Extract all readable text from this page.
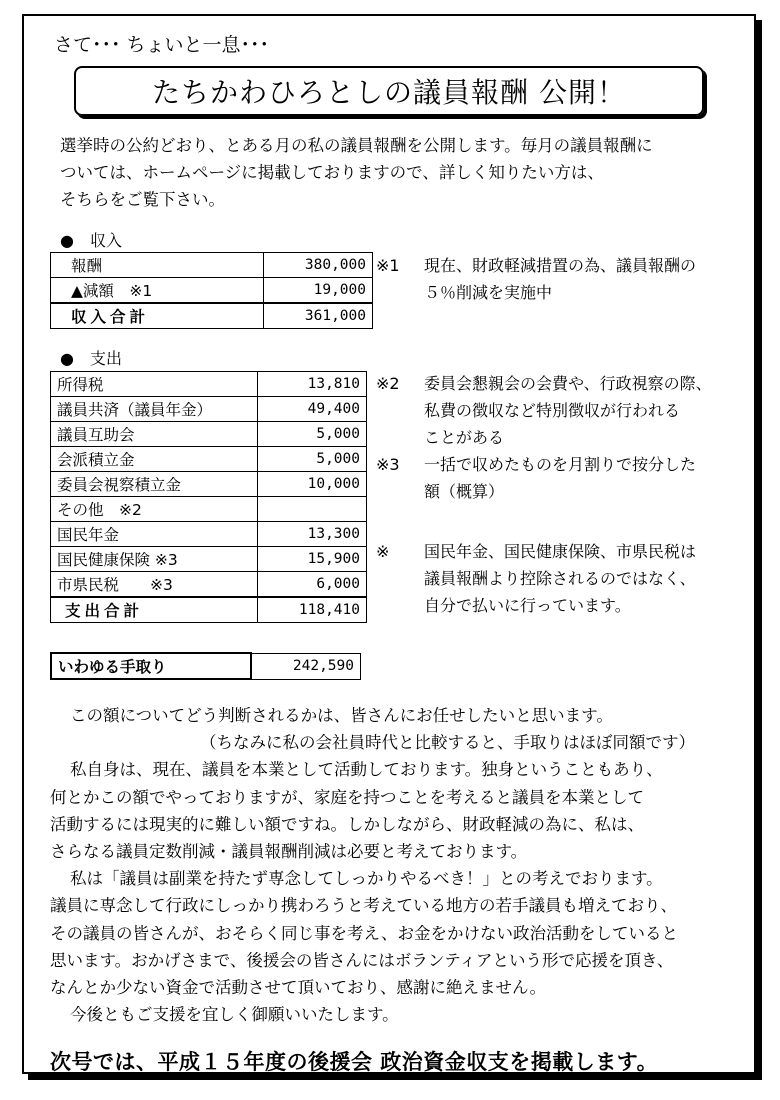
さて･･･ ちょいと一息･･･
たちかわひろとしの議員報酬 公開！
選挙時の公約どおり、とある月の私の議員報酬を公開します。毎月の議員報酬に
ついては、ホームページに掲載しておりますので、詳しく知りたい方は、
そちらをご覧下さい。
●　収入
報酬	380,000
▲減額　※1	19,000
収入合計	361,000
●　支出
所得税	13,810
議員共済（議員年金）	49,400
議員互助会	5,000
会派積立金	5,000
委員会視察積立金	10,000
その他　※2	
国民年金	13,300
国民健康保険 ※3	15,900
市県民税　　※3	6,000
支出合計	118,410
いわゆる手取り	242,590
※1 現在、財政軽減措置の為、議員報酬の
５％削減を実施中
※2 委員会懇親会の会費や、行政視察の際、
私費の徴収など特別徴収が行われる
ことがある
※3 一括で収めたものを月割りで按分した
額（概算）
※ 国民年金、国民健康保険、市県民税は
議員報酬より控除されるのではなく、
自分で払いに行っています。

この額についてどう判断されるかは、皆さんにお任せしたいと思います。

（ちなみに私の会社員時代と比較すると、手取りはほぼ同額です）

私自身は、現在、議員を本業として活動しております。独身ということもあり、

何とかこの額でやっておりますが、家庭を持つことを考えると議員を本業として

活動するには現実的に難しい額ですね。しかしながら、財政軽減の為に、私は、

さらなる議員定数削減・議員報酬削減は必要と考えております。

私は「議員は副業を持たず専念してしっかりやるべき！」との考えでおります。

議員に専念して行政にしっかり携わろうと考えている地方の若手議員も増えており、

その議員の皆さんが、おそらく同じ事を考え、お金をかけない政治活動をしていると

思います。おかげさまで、後援会の皆さんにはボランティアという形で応援を頂き、

なんとか少ない資金で活動させて頂いており、感謝に絶えません。

今後ともご支援を宜しく御願いいたします。

次号では、平成１５年度の後援会 政治資金収支を掲載します。
